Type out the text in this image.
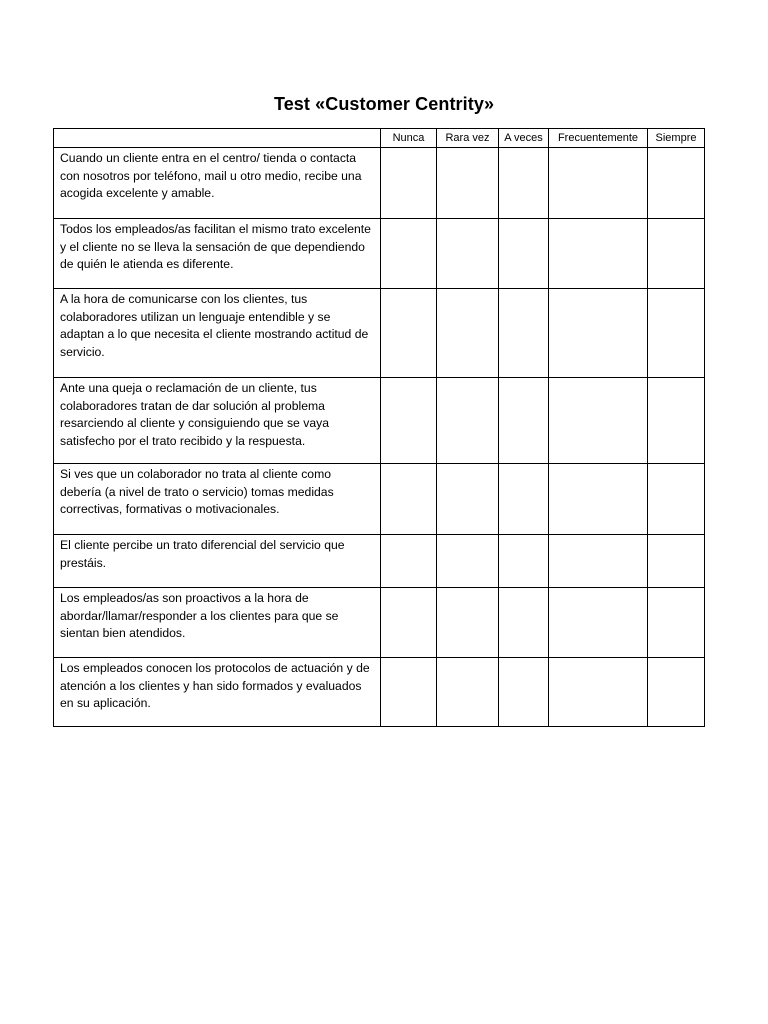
Test «Customer Centrity»
	Nunca	Rara vez	A veces	Frecuentemente	Siempre
Cuando un cliente entra en el centro/ tienda o contacta con nosotros por teléfono, mail u otro medio, recibe una acogida excelente y amable.					
Todos los empleados/as facilitan el mismo trato excelente y el cliente no se lleva la sensación de que dependiendo de quién le atienda es diferente.					
A la hora de comunicarse con los clientes, tus colaboradores utilizan un lenguaje entendible y se adaptan a lo que necesita el cliente mostrando actitud de servicio.					
Ante una queja o reclamación de un cliente, tus colaboradores tratan de dar solución al problema resarciendo al cliente y consiguiendo que se vaya satisfecho por el trato recibido y la respuesta.					
Si ves que un colaborador no trata al cliente como debería (a nivel de trato o servicio) tomas medidas correctivas, formativas o motivacionales.					
El cliente percibe un trato diferencial del servicio que prestáis.					
Los empleados/as son proactivos a la hora de abordar/llamar/responder a los clientes para que se sientan bien atendidos.					
Los empleados conocen los protocolos de actuación y de atención a los clientes y han sido formados y evaluados en su aplicación.					
